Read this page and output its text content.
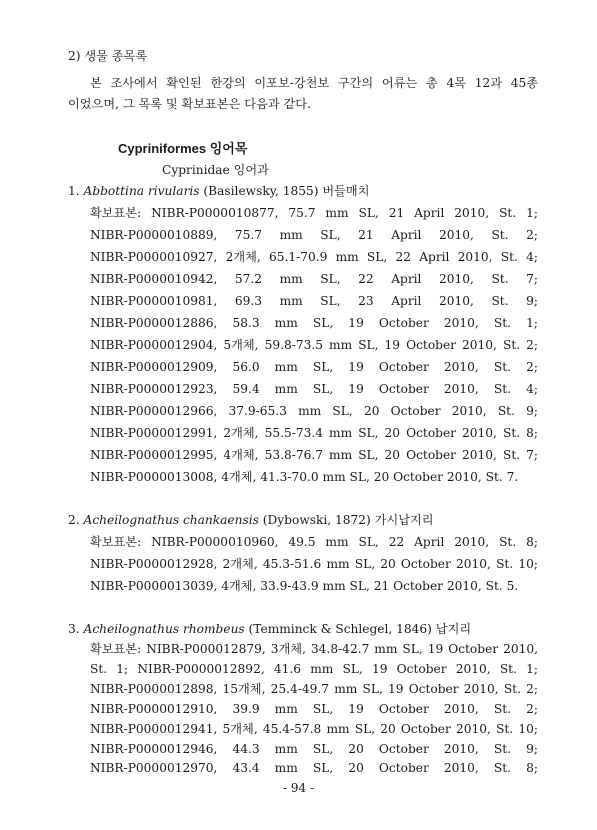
2) 생물 종목록
본 조사에서 확인된 한강의 이포보-강천보 구간의 어류는 총 4목 12과 45종
이었으며, 그 목록 및 확보표본은 다음과 같다.
Cypriniformes 잉어목
Cyprinidae 잉어과
1. Abbottina rivularis (Basilewsky, 1855) 버들매치
확보표본: NIBR-P0000010877, 75.7 mm SL, 21 April 2010, St. 1;
NIBR-P0000010889, 75.7 mm SL, 21 April 2010, St. 2;
NIBR-P0000010927, 2개체, 65.1-70.9 mm SL, 22 April 2010, St. 4;
NIBR-P0000010942, 57.2 mm SL, 22 April 2010, St. 7;
NIBR-P0000010981, 69.3 mm SL, 23 April 2010, St. 9;
NIBR-P0000012886, 58.3 mm SL, 19 October 2010, St. 1;
NIBR-P0000012904, 5개체, 59.8-73.5 mm SL, 19 October 2010, St. 2;
NIBR-P0000012909, 56.0 mm SL, 19 October 2010, St. 2;
NIBR-P0000012923, 59.4 mm SL, 19 October 2010, St. 4;
NIBR-P0000012966, 37.9-65.3 mm SL, 20 October 2010, St. 9;
NIBR-P0000012991, 2개체, 55.5-73.4 mm SL, 20 October 2010, St. 8;
NIBR-P0000012995, 4개체, 53.8-76.7 mm SL, 20 October 2010, St. 7;
NIBR-P0000013008, 4개체, 41.3-70.0 mm SL, 20 October 2010, St. 7.
2. Acheilognathus chankaensis (Dybowski, 1872) 가시납지리
확보표본: NIBR-P0000010960, 49.5 mm SL, 22 April 2010, St. 8;
NIBR-P0000012928, 2개체, 45.3-51.6 mm SL, 20 October 2010, St. 10;
NIBR-P0000013039, 4개체, 33.9-43.9 mm SL, 21 October 2010, St. 5.
3. Acheilognathus rhombeus (Temminck & Schlegel, 1846) 납지리
확보표본: NIBR-P000012879, 3개체, 34.8-42.7 mm SL, 19 October 2010,
St. 1; NIBR-P0000012892, 41.6 mm SL, 19 October 2010, St. 1;
NIBR-P0000012898, 15개체, 25.4-49.7 mm SL, 19 October 2010, St. 2;
NIBR-P0000012910, 39.9 mm SL, 19 October 2010, St. 2;
NIBR-P0000012941, 5개체, 45.4-57.8 mm SL, 20 October 2010, St. 10;
NIBR-P0000012946, 44.3 mm SL, 20 October 2010, St. 9;
- 94 -
NIBR-P0000012970, 43.4 mm SL, 20 October 2010, St. 8;
